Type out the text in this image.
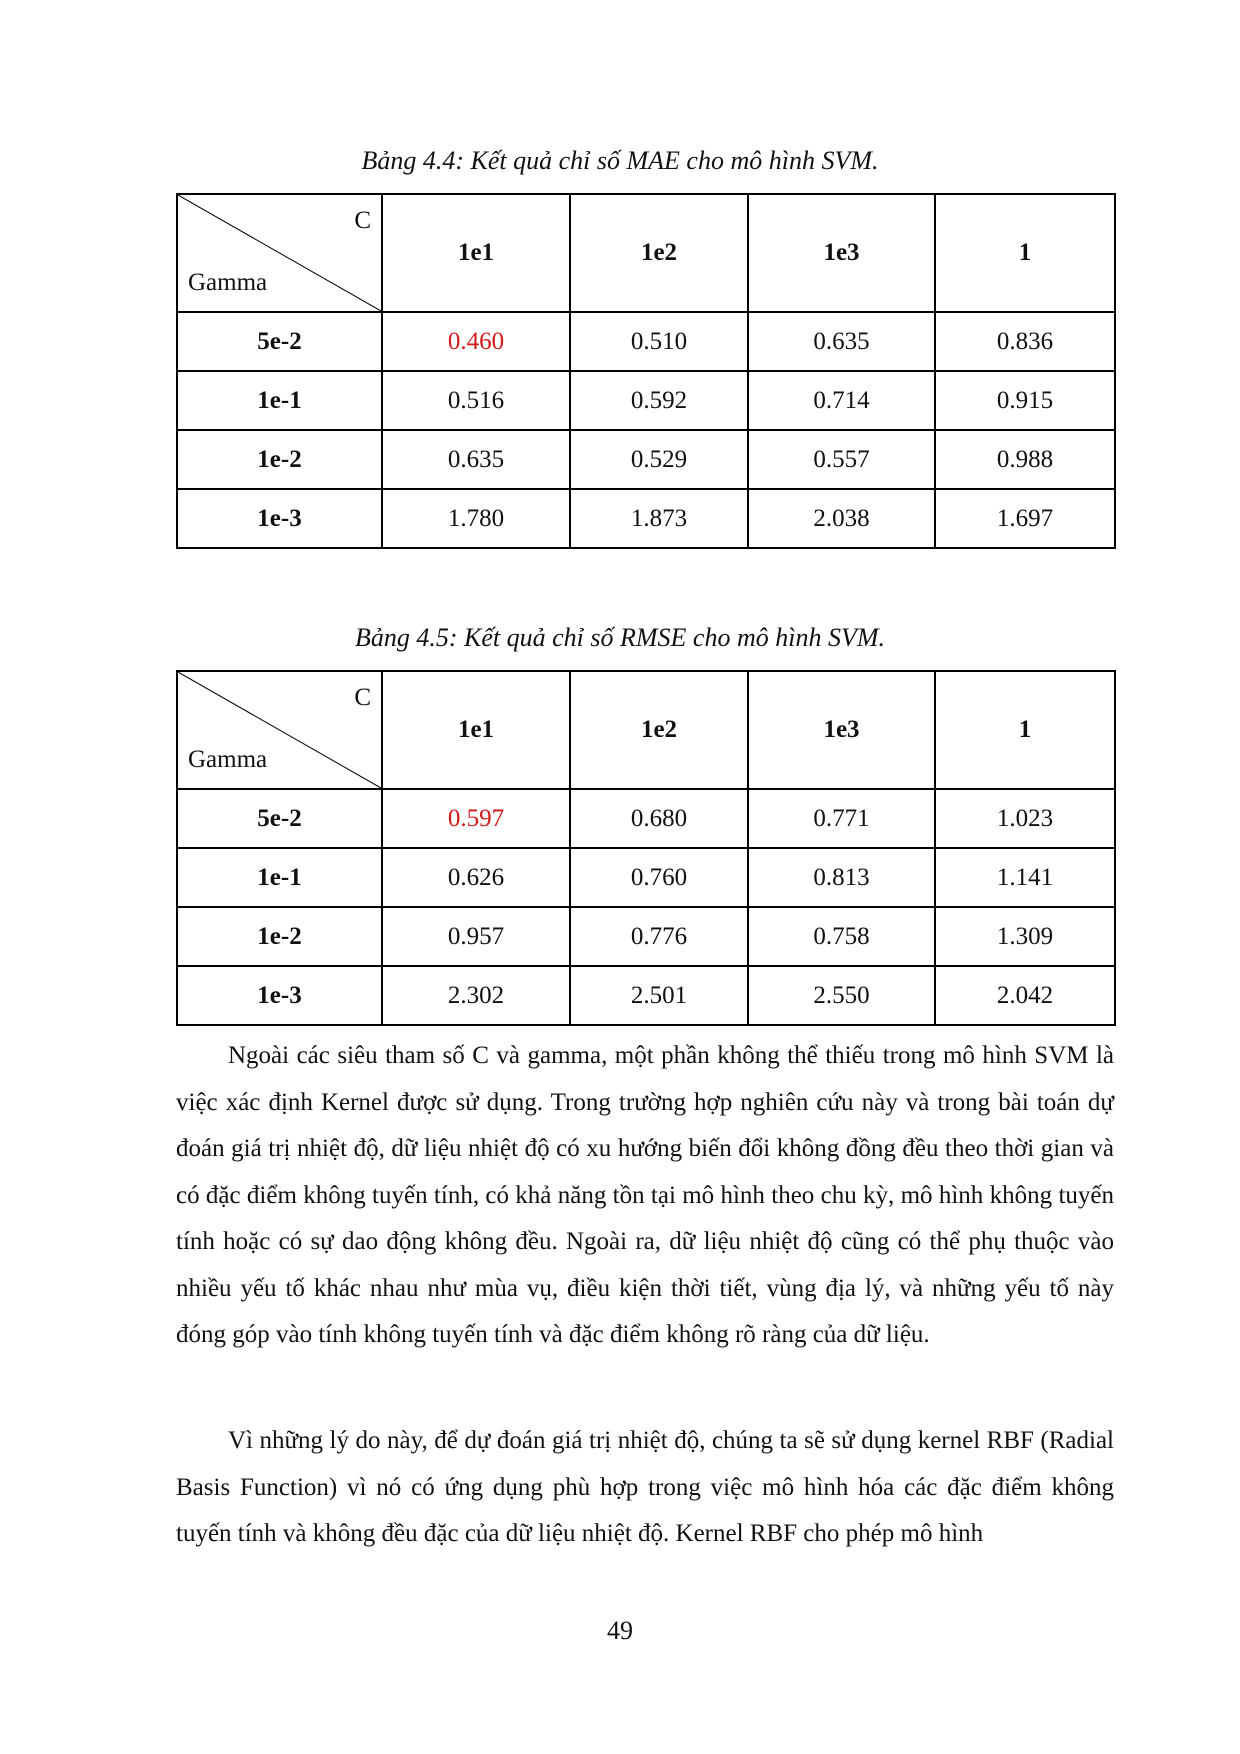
Bảng 4.4: Kết quả chỉ số MAE cho mô hình SVM.
C
Gamma	1e1	1e2	1e3	1
5e-2	0.460	0.510	0.635	0.836
1e-1	0.516	0.592	0.714	0.915
1e-2	0.635	0.529	0.557	0.988
1e-3	1.780	1.873	2.038	1.697
Bảng 4.5: Kết quả chỉ số RMSE cho mô hình SVM.
C
Gamma	1e1	1e2	1e3	1
5e-2	0.597	0.680	0.771	1.023
1e-1	0.626	0.760	0.813	1.141
1e-2	0.957	0.776	0.758	1.309
1e-3	2.302	2.501	2.550	2.042

Ngoài các siêu tham số C và gamma, một phần không thể thiếu trong mô hình SVM là việc xác định Kernel được sử dụng. Trong trường hợp nghiên cứu này và trong bài toán dự đoán giá trị nhiệt độ, dữ liệu nhiệt độ có xu hướng biến đổi không đồng đều theo thời gian và có đặc điểm không tuyến tính, có khả năng tồn tại mô hình theo chu kỳ, mô hình không tuyến tính hoặc có sự dao động không đều. Ngoài ra, dữ liệu nhiệt độ cũng có thể phụ thuộc vào nhiều yếu tố khác nhau như mùa vụ, điều kiện thời tiết, vùng địa lý, và những yếu tố này đóng góp vào tính không tuyến tính và đặc điểm không rõ ràng của dữ liệu.

Vì những lý do này, để dự đoán giá trị nhiệt độ, chúng ta sẽ sử dụng kernel RBF (Radial Basis Function) vì nó có ứng dụng phù hợp trong việc mô hình hóa các đặc điểm không tuyến tính và không đều đặc của dữ liệu nhiệt độ. Kernel RBF cho phép mô hình

49
